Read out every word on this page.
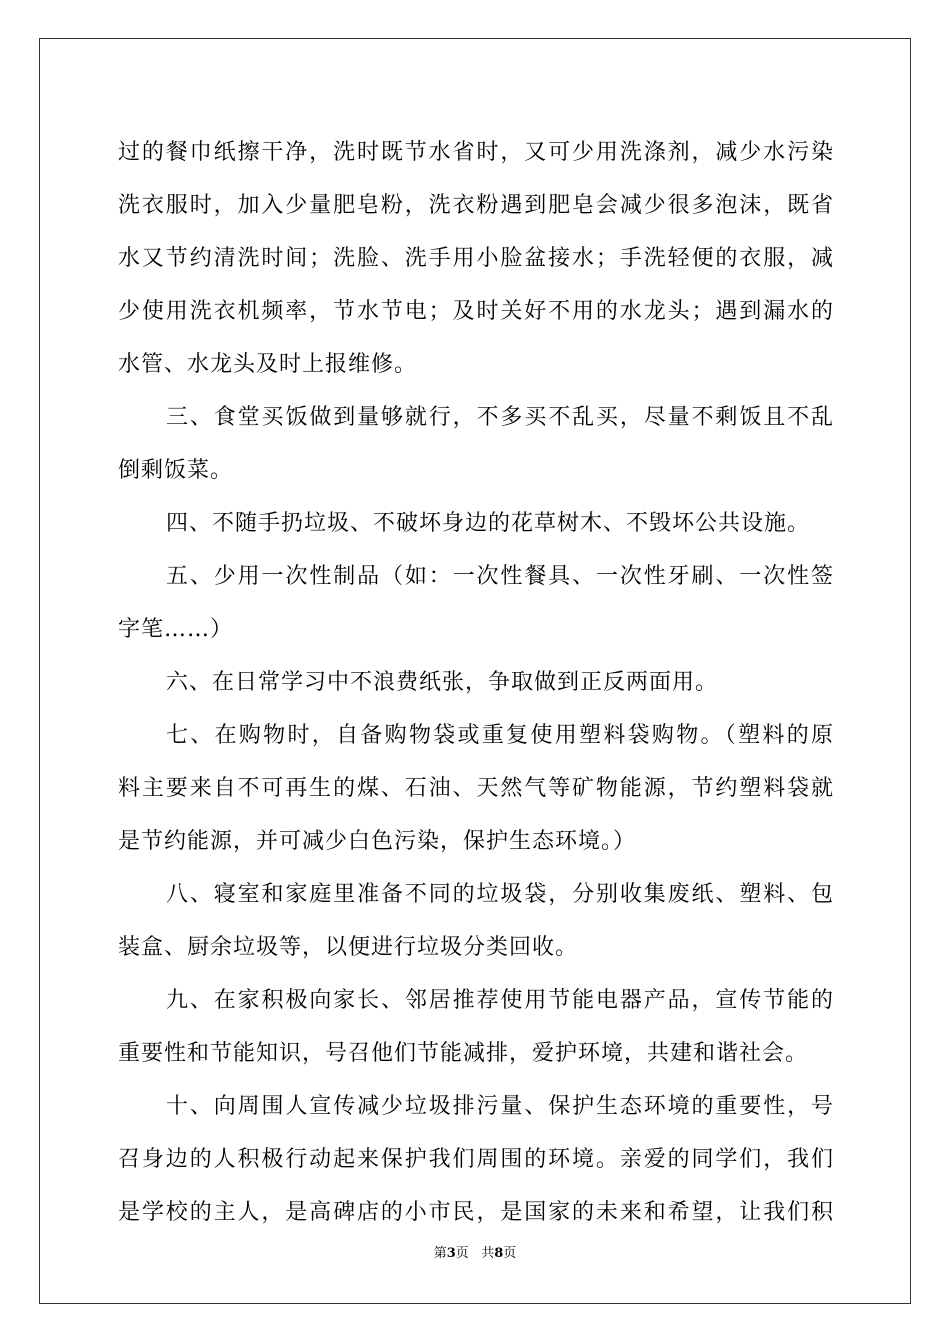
过的餐巾纸擦干净，洗时既节水省时，又可少用洗涤剂，减少水污染
洗衣服时，加入少量肥皂粉，洗衣粉遇到肥皂会减少很多泡沫，既省
水又节约清洗时间；洗脸、洗手用小脸盆接水；手洗轻便的衣服，减
少使用洗衣机频率，节水节电；及时关好不用的水龙头；遇到漏水的
水管、水龙头及时上报维修。
三、食堂买饭做到量够就行，不多买不乱买，尽量不剩饭且不乱
倒剩饭菜。
四、不随手扔垃圾、不破坏身边的花草树木、不毁坏公共设施。
五、少用一次性制品（如：一次性餐具、一次性牙刷、一次性签
字笔……）
六、在日常学习中不浪费纸张，争取做到正反两面用。
七、在购物时，自备购物袋或重复使用塑料袋购物。（塑料的原
料主要来自不可再生的煤、石油、天然气等矿物能源，节约塑料袋就
是节约能源，并可减少白色污染，保护生态环境。）
八、寝室和家庭里准备不同的垃圾袋，分别收集废纸、塑料、包
装盒、厨余垃圾等，以便进行垃圾分类回收。
九、在家积极向家长、邻居推荐使用节能电器产品，宣传节能的
重要性和节能知识，号召他们节能减排，爱护环境，共建和谐社会。
十、向周围人宣传减少垃圾排污量、保护生态环境的重要性，号
召身边的人积极行动起来保护我们周围的环境。亲爱的同学们，我们
是学校的主人，是高碑店的小市民，是国家的未来和希望，让我们积
第3页 共8页
